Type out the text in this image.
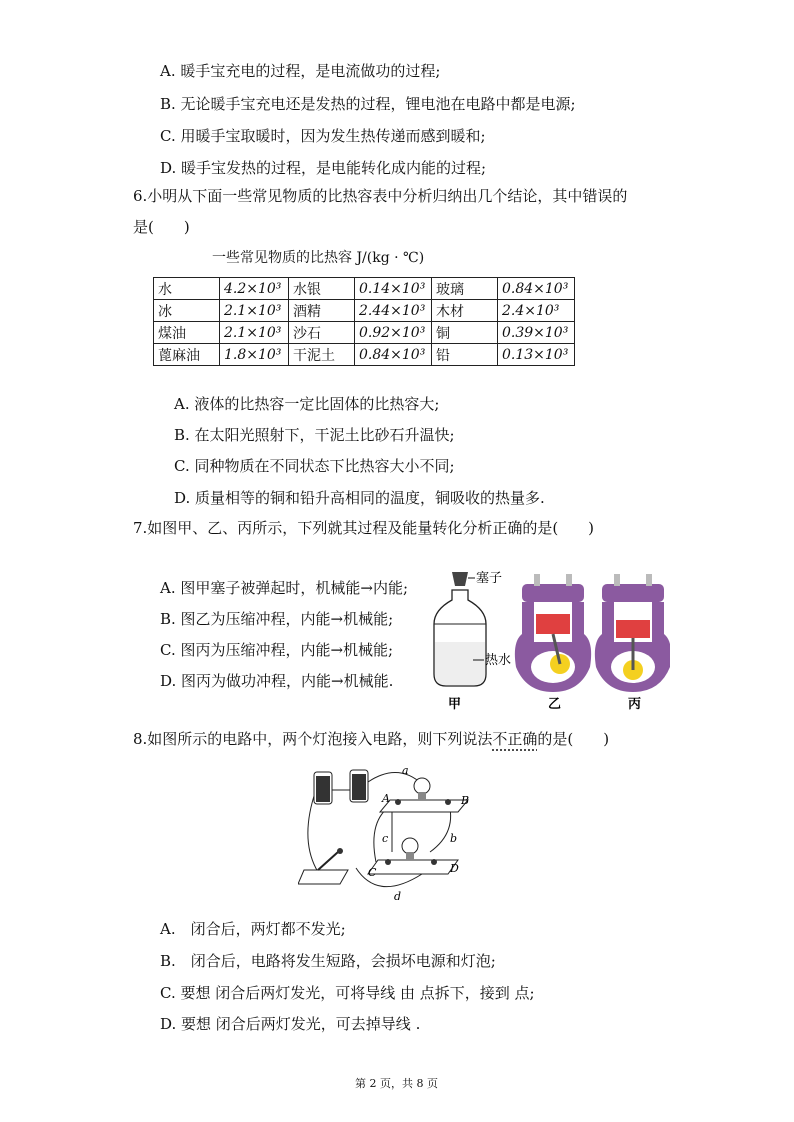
A. 暖手宝充电的过程，是电流做功的过程;
B. 无论暖手宝充电还是发热的过程，锂电池在电路中都是电源;
C. 用暖手宝取暖时，因为发生热传递而感到暖和;
D. 暖手宝发热的过程，是电能转化成内能的过程;
6.小明从下面一些常见物质的比热容表中分析归纳出几个结论，其中错误的
是(　　)
一些常见物质的比热容 J/(kg · ℃)
水	4.2×10³	水银	0.14×10³	玻璃	0.84×10³
冰	2.1×10³	酒精	2.44×10³	木材	2.4×10³
煤油	2.1×10³	沙石	0.92×10³	铜	0.39×10³
蓖麻油	1.8×10³	干泥土	0.84×10³	铅	0.13×10³
A. 液体的比热容一定比固体的比热容大;
B. 在太阳光照射下，干泥土比砂石升温快;
C. 同种物质在不同状态下比热容大小不同;
D. 质量相等的铜和铅升高相同的温度，铜吸收的热量多.
7.如图甲、乙、丙所示，下列就其过程及能量转化分析正确的是(　　)
A. 图甲塞子被弹起时，机械能→内能;
B. 图乙为压缩冲程，内能→机械能;
C. 图丙为压缩冲程，内能→机械能;
D. 图丙为做功冲程，内能→机械能.
塞子
热水
甲	乙	丙
8.如图所示的电路中，两个灯泡接入电路，则下列说法不正确的是(　　)
a
A	B
b
c
C	D
d
A.　闭合后，两灯都不发光;
B.　闭合后，电路将发生短路，会损坏电源和灯泡;
C. 要想 闭合后两灯发光，可将导线 由 点拆下，接到 点;
D. 要想 闭合后两灯发光，可去掉导线 .
第 2 页，共 8 页
